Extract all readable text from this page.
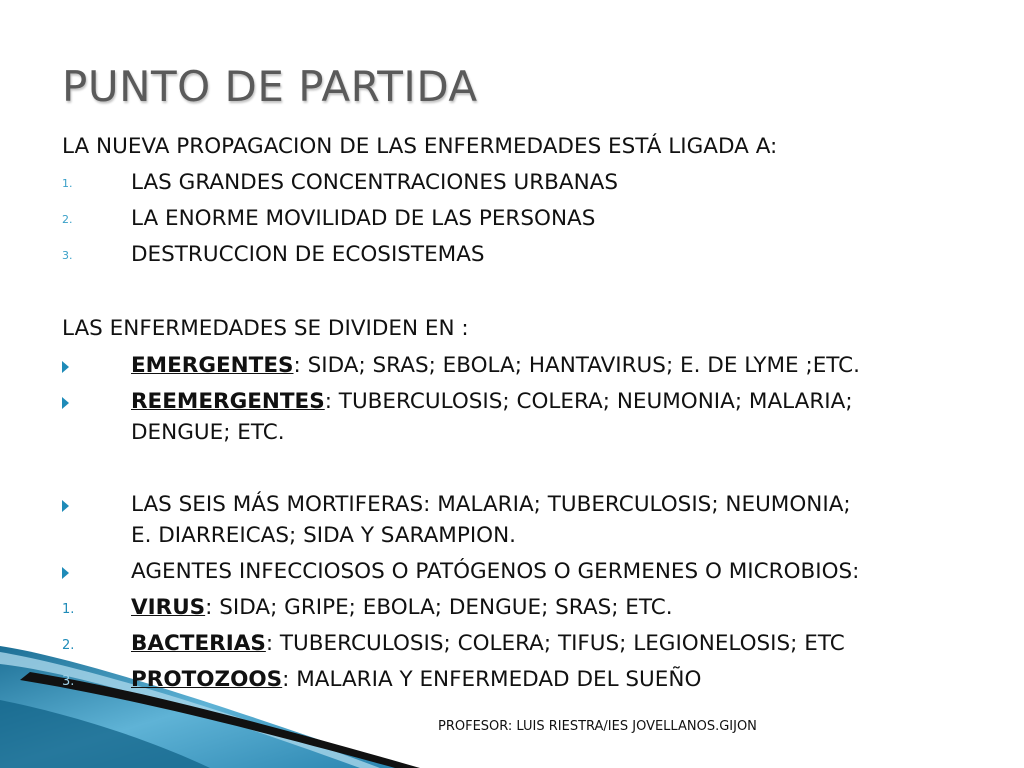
PUNTO DE PARTIDA
LA NUEVA PROPAGACION DE LAS ENFERMEDADES ESTÁ LIGADA A:
1.	LAS GRANDES CONCENTRACIONES URBANAS
2.	LA ENORME MOVILIDAD DE LAS PERSONAS
3.	DESTRUCCION DE ECOSISTEMAS
LAS ENFERMEDADES SE DIVIDEN EN :
EMERGENTES: SIDA; SRAS; EBOLA; HANTAVIRUS; E. DE LYME ;ETC.
REEMERGENTES: TUBERCULOSIS; COLERA; NEUMONIA; MALARIA;
DENGUE; ETC.
LAS SEIS MÁS MORTIFERAS: MALARIA; TUBERCULOSIS; NEUMONIA;
E. DIARREICAS; SIDA Y SARAMPION.
AGENTES INFECCIOSOS O PATÓGENOS O GERMENES O MICROBIOS:
1.	VIRUS: SIDA; GRIPE; EBOLA; DENGUE; SRAS; ETC.
2.	BACTERIAS: TUBERCULOSIS; COLERA; TIFUS; LEGIONELOSIS; ETC
3.	PROTOZOOS: MALARIA Y ENFERMEDAD DEL SUEÑO
PROFESOR: LUIS RIESTRA/IES JOVELLANOS.GIJON
